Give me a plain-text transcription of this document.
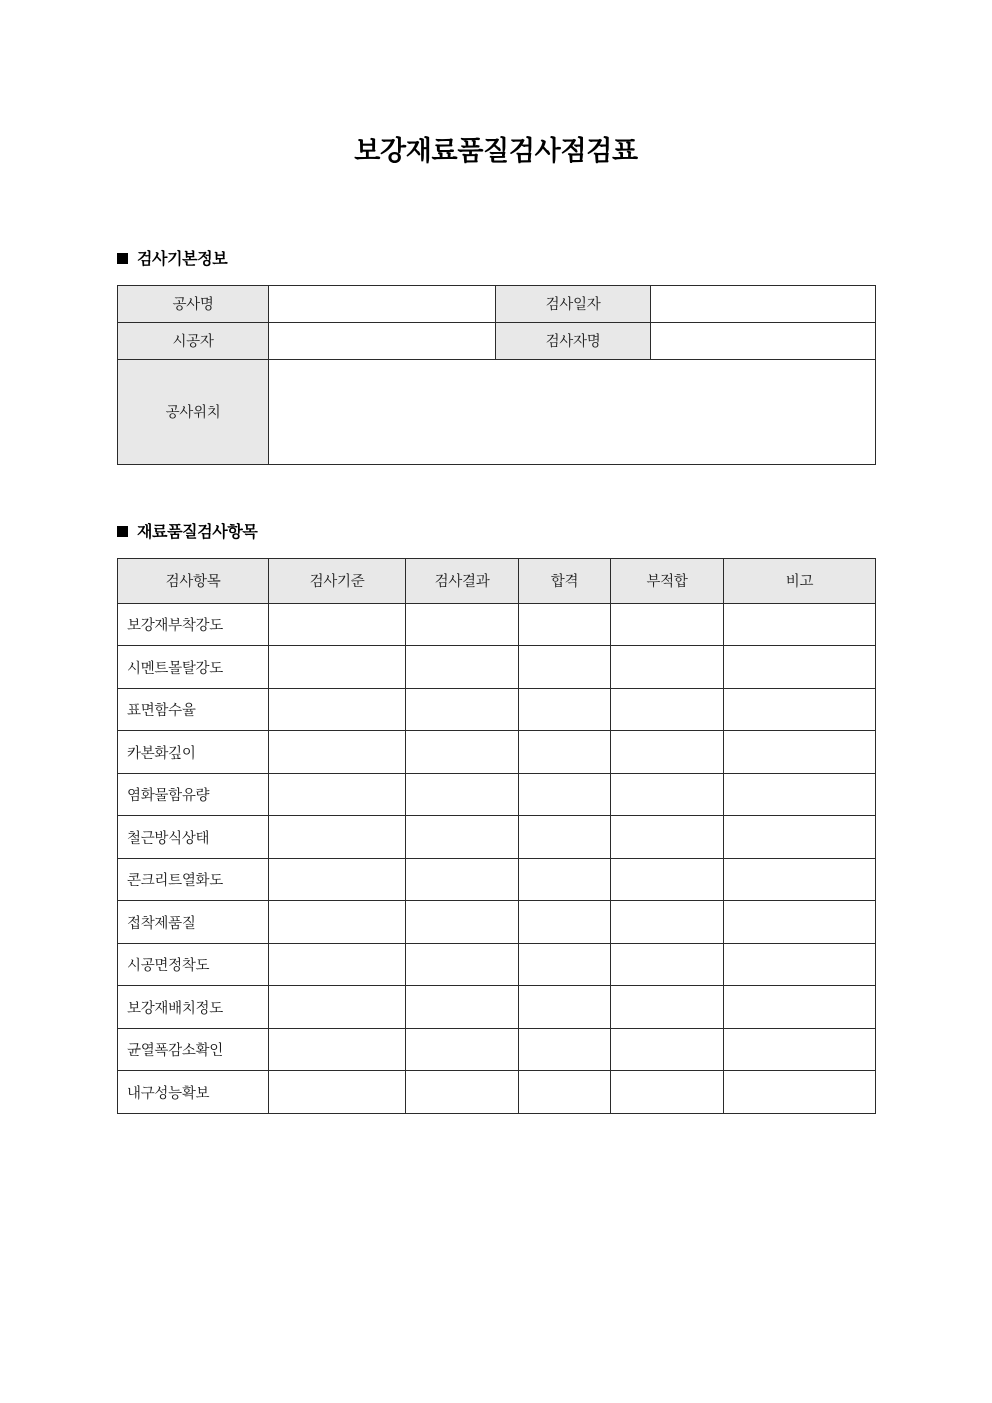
보강재료품질검사점검표
검사기본정보
공사명		검사일자	
시공자		검사자명	
공사위치			
재료품질검사항목
검사항목	검사기준	검사결과	합격	부적합	비고
보강재부착강도					
시멘트몰탈강도					
표면함수율					
카본화깊이					
염화물함유량					
철근방식상태					
콘크리트열화도					
접착제품질					
시공면정착도					
보강재배치정도					
균열폭감소확인					
내구성능확보					
